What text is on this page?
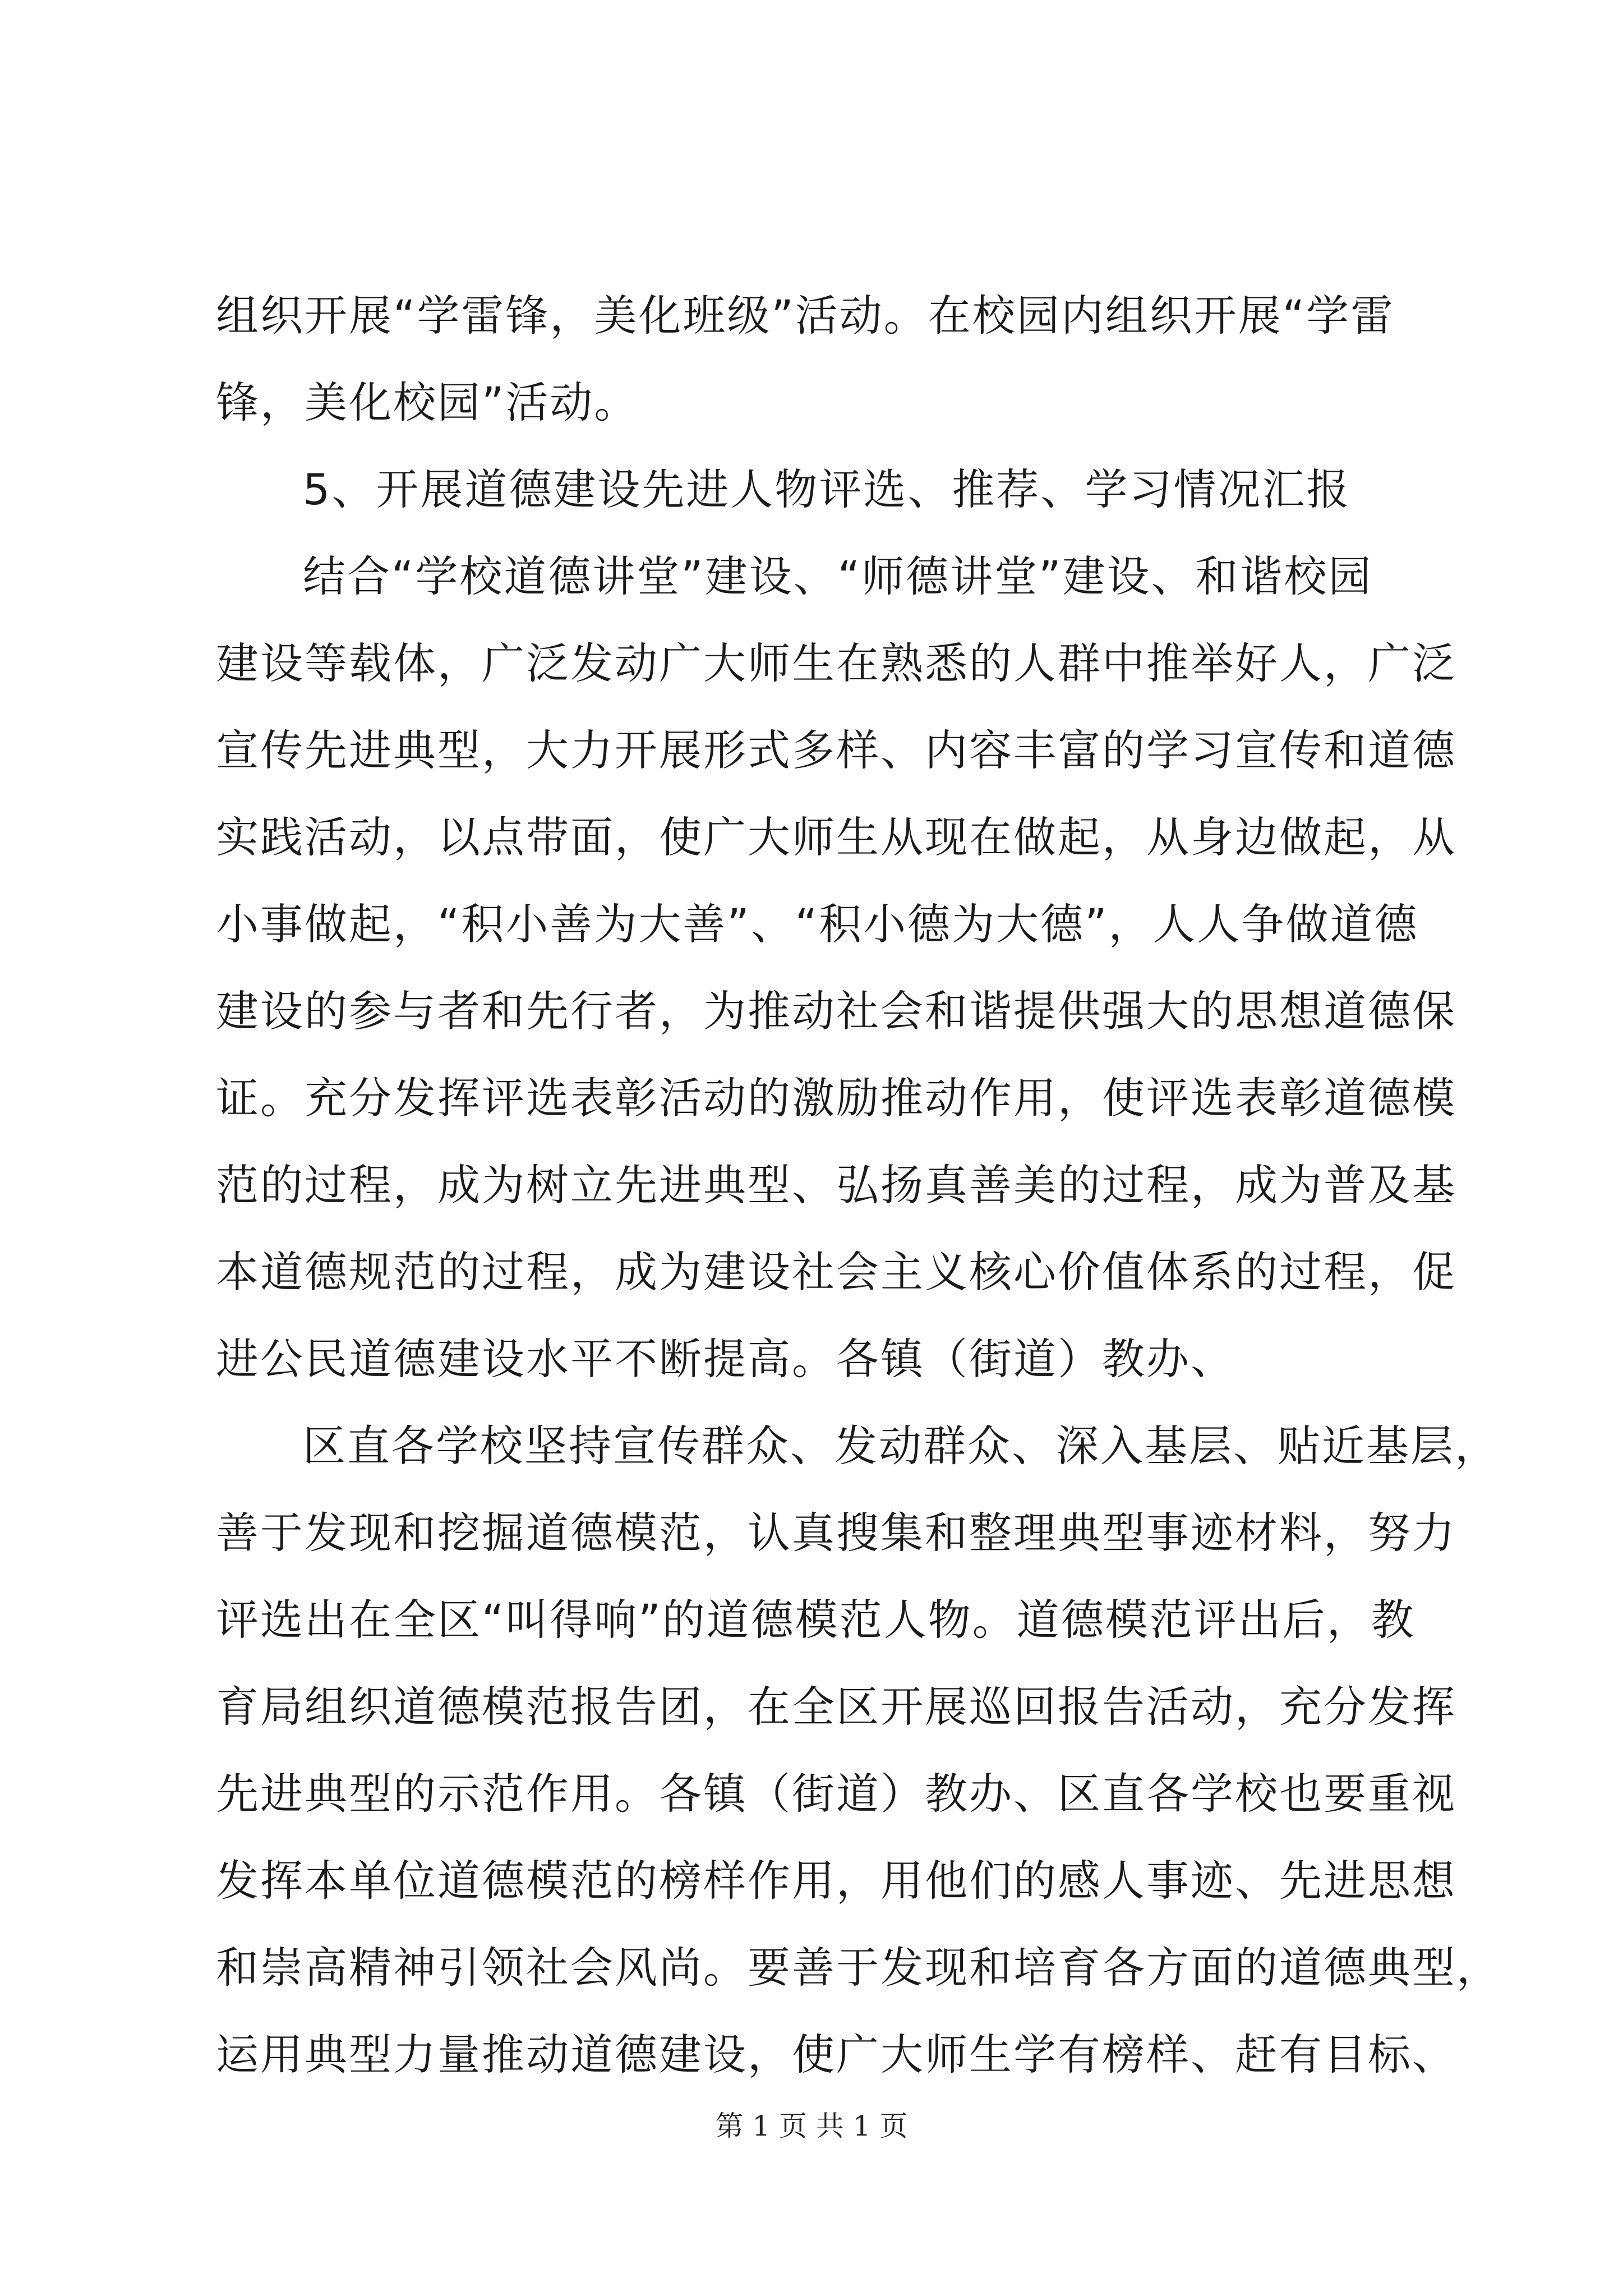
组织开展“学雷锋，美化班级”活动。在校园内组织开展“学雷
锋，美化校园”活动。
5、开展道德建设先进人物评选、推荐、学习情况汇报
结合“学校道德讲堂”建设、“师德讲堂”建设、和谐校园
建设等载体，广泛发动广大师生在熟悉的人群中推举好人，广泛
宣传先进典型，大力开展形式多样、内容丰富的学习宣传和道德
实践活动，以点带面，使广大师生从现在做起，从身边做起，从
小事做起，“积小善为大善”、“积小德为大德”，人人争做道德
建设的参与者和先行者，为推动社会和谐提供强大的思想道德保
证。充分发挥评选表彰活动的激励推动作用，使评选表彰道德模
范的过程，成为树立先进典型、弘扬真善美的过程，成为普及基
本道德规范的过程，成为建设社会主义核心价值体系的过程，促
进公民道德建设水平不断提高。各镇（街道）教办、
区直各学校坚持宣传群众、发动群众、深入基层、贴近基层，
善于发现和挖掘道德模范，认真搜集和整理典型事迹材料，努力
评选出在全区“叫得响”的道德模范人物。道德模范评出后，教
育局组织道德模范报告团，在全区开展巡回报告活动，充分发挥
先进典型的示范作用。各镇（街道）教办、区直各学校也要重视
发挥本单位道德模范的榜样作用，用他们的感人事迹、先进思想
和崇高精神引领社会风尚。要善于发现和培育各方面的道德典型，
运用典型力量推动道德建设，使广大师生学有榜样、赶有目标、
第 1 页 共 1 页
